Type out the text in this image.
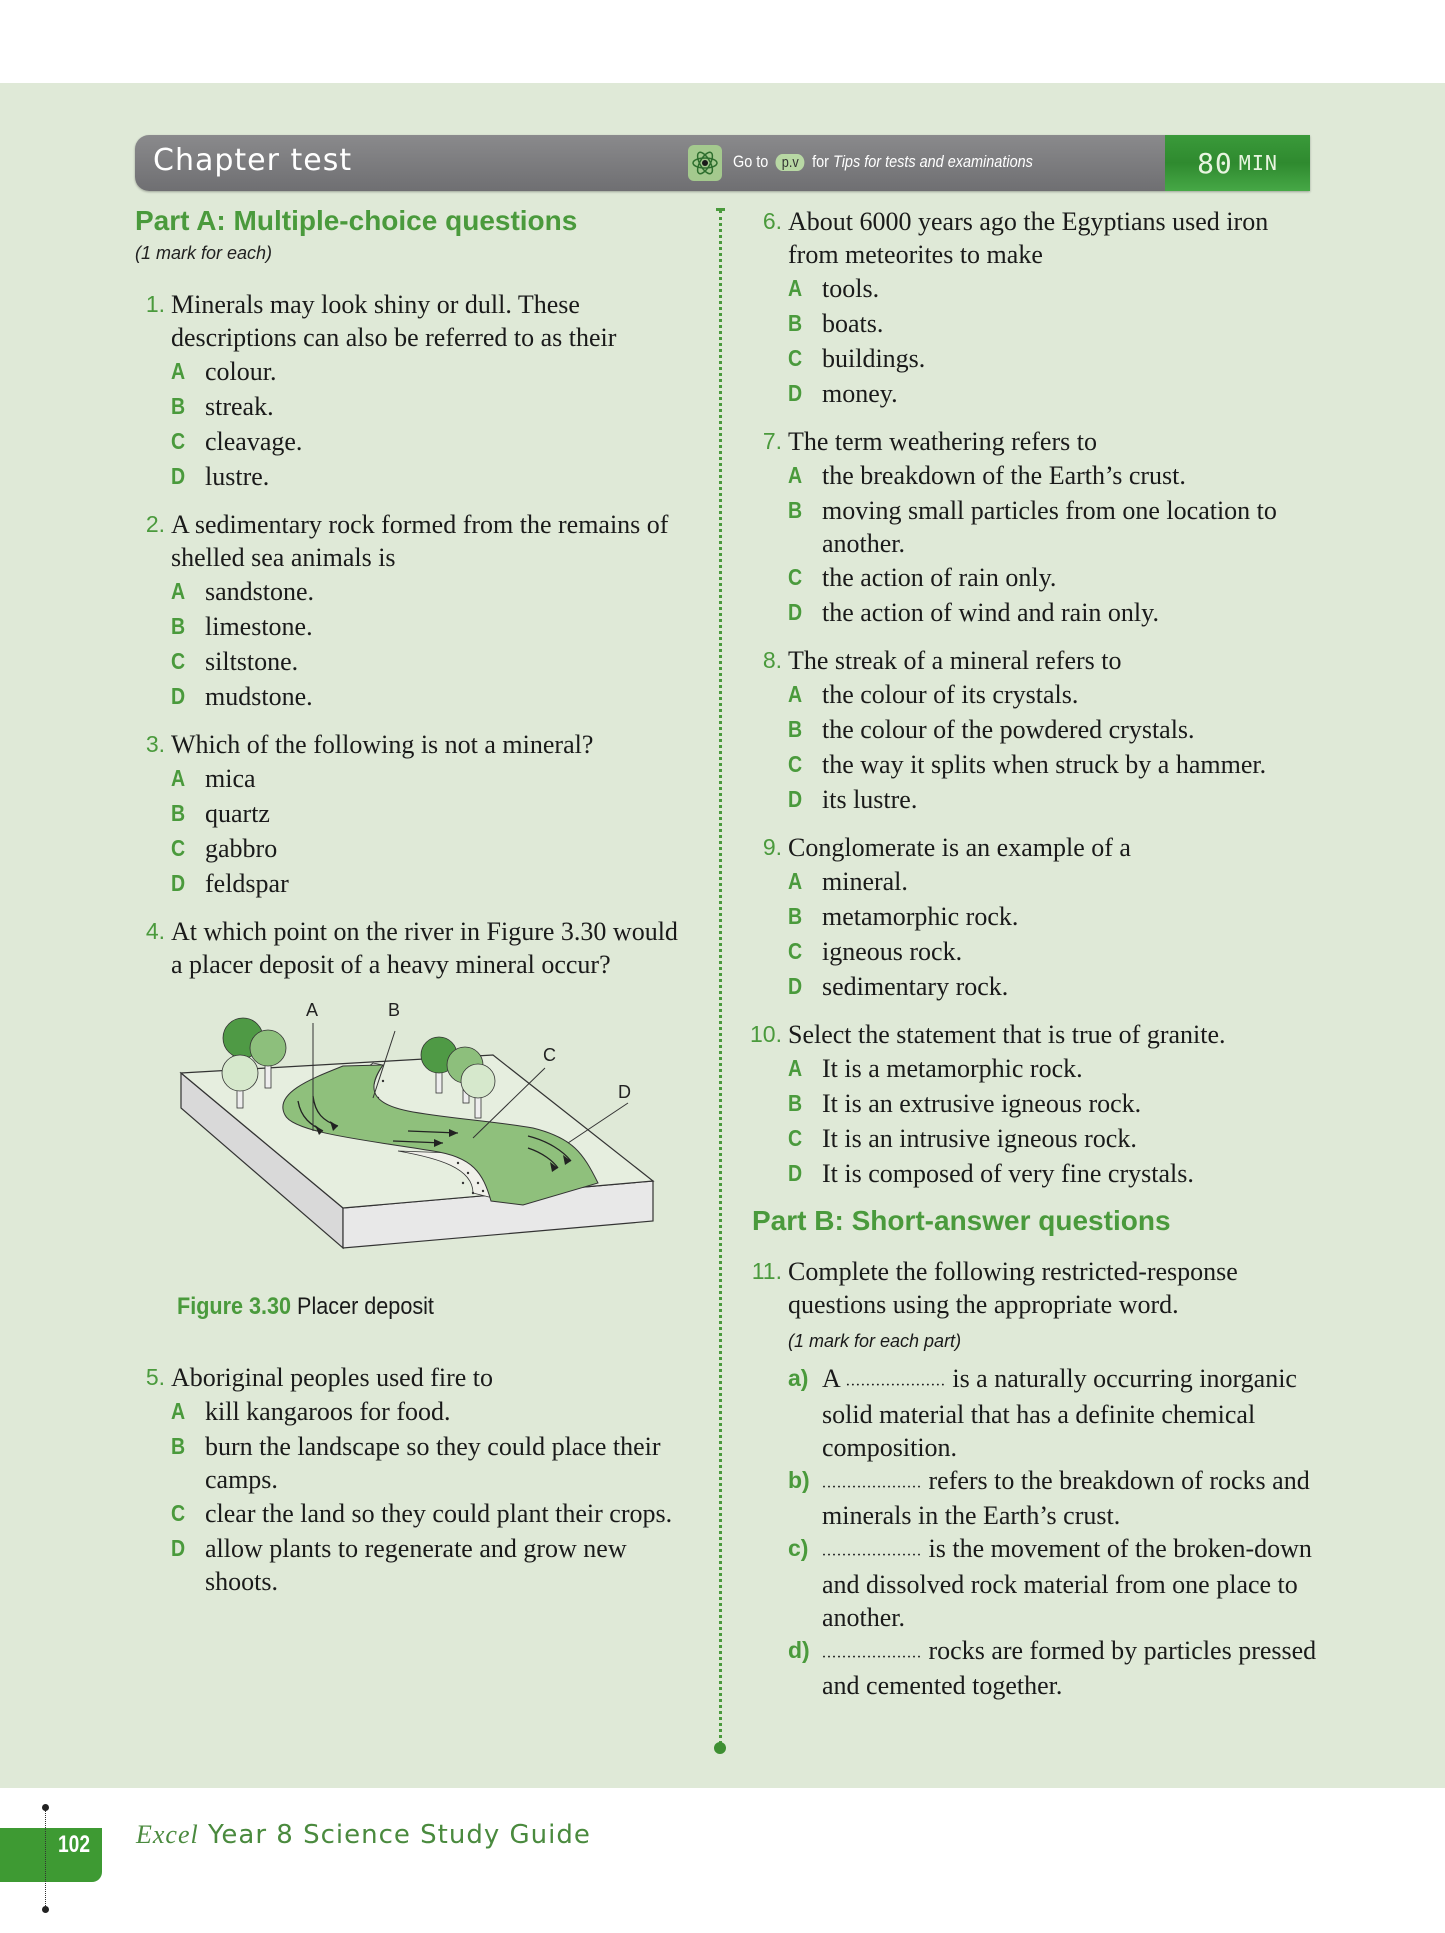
Chapter test	Go to p.v for Tips for tests and examinations	80 MIN
Part A: Multiple-choice questions
(1 mark for each)
1. Minerals may look shiny or dull. These descriptions can also be referred to as their
A colour.
B streak.
C cleavage.
D lustre.
2. A sedimentary rock formed from the remains of shelled sea animals is
A sandstone.
B limestone.
C siltstone.
D mudstone.
3. Which of the following is not a mineral?
A mica
B quartz
C gabbro
D feldspar
4. At which point on the river in Figure 3.30 would a placer deposit of a heavy mineral occur?
A	B
C
D
Figure 3.30 Placer deposit
5. Aboriginal peoples used fire to
A kill kangaroos for food.
B burn the landscape so they could place their camps.
C clear the land so they could plant their crops.
D allow plants to regenerate and grow new shoots.
6. About 6000 years ago the Egyptians used iron from meteorites to make
A tools.
B boats.
C buildings.
D money.
7. The term weathering refers to
A the breakdown of the Earth’s crust.
B moving small particles from one location to another.
C the action of rain only.
D the action of wind and rain only.
8. The streak of a mineral refers to
A the colour of its crystals.
B the colour of the powdered crystals.
C the way it splits when struck by a hammer.
D its lustre.
9. Conglomerate is an example of a
A mineral.
B metamorphic rock.
C igneous rock.
D sedimentary rock.
10. Select the statement that is true of granite.
A It is a metamorphic rock.
B It is an extrusive igneous rock.
C It is an intrusive igneous rock.
D It is composed of very fine crystals.
Part B: Short-answer questions
11. Complete the following restricted-response questions using the appropriate word.
(1 mark for each part)
a) A .................... is a naturally occurring inorganic solid material that has a definite chemical composition.
b) .................... refers to the breakdown of rocks and minerals in the Earth’s crust.
c) .................... is the movement of the broken-down and dissolved rock material from one place to another.
d) .................... rocks are formed by particles pressed and cemented together.
102 Excel Year 8 Science Study Guide
